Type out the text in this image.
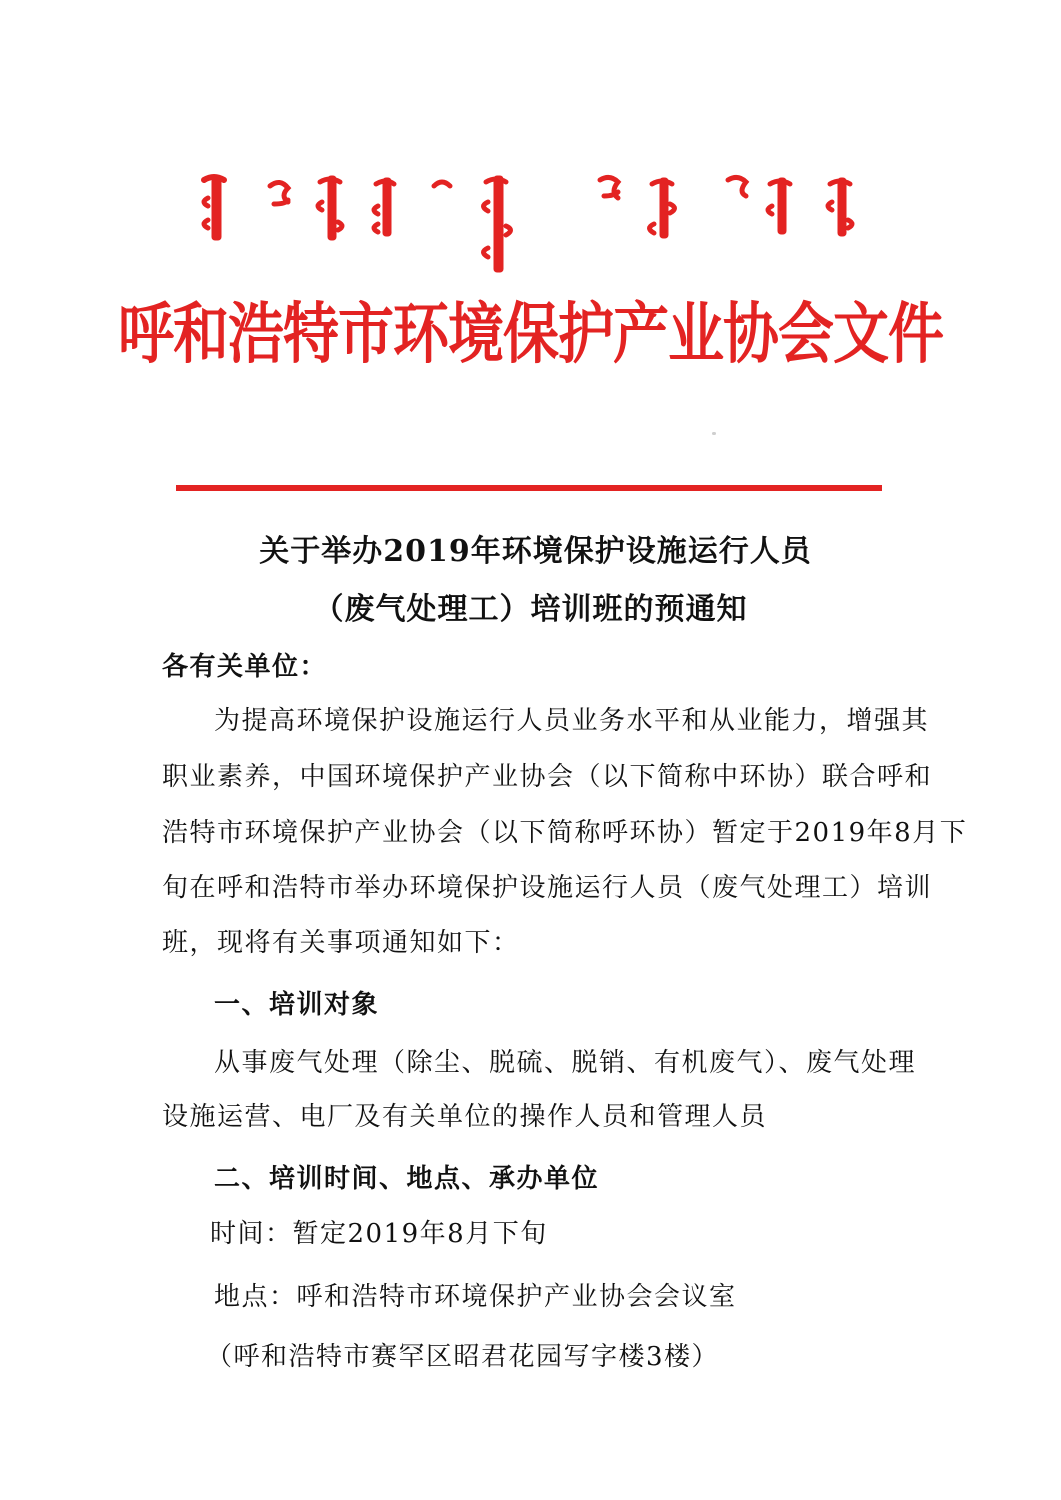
呼和浩特市环境保护产业协会文件
关于举办2019年环境保护设施运行人员
（废气处理工）培训班的预通知
各有关单位：
为提高环境保护设施运行人员业务水平和从业能力，增强其
职业素养，中国环境保护产业协会（以下简称中环协）联合呼和
浩特市环境保护产业协会（以下简称呼环协）暂定于2019年8月下
旬在呼和浩特市举办环境保护设施运行人员（废气处理工）培训
班，现将有关事项通知如下：
一、培训对象
从事废气处理（除尘、脱硫、脱销、有机废气）、废气处理
设施运营、电厂及有关单位的操作人员和管理人员
二、培训时间、地点、承办单位
时间：暂定2019年8月下旬
地点：呼和浩特市环境保护产业协会会议室
（呼和浩特市赛罕区昭君花园写字楼3楼）
